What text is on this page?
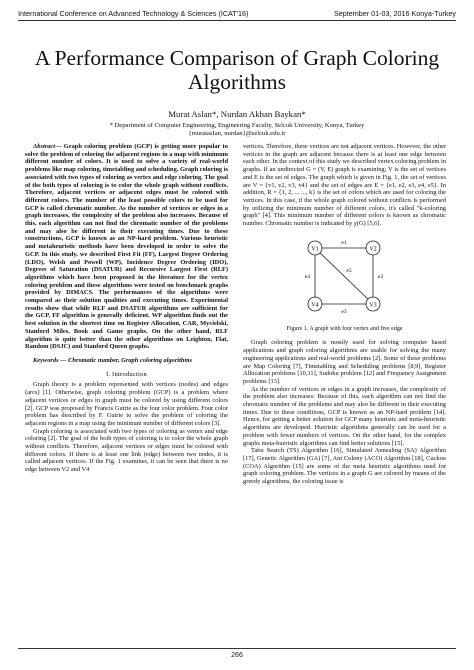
International Conference on Advanced Technology & Sciences (ICAT'16)	September 01-03, 2016 Konya-Turkey
A Performance Comparison of Graph Coloring
Algorithms
Murat Aslan*, Nurdan Akhan Baykan*
* Department of Computer Engineering, Engineering Faculty, Selcuk University, Konya, Turkey
{muratasIan, nurdan}@selcuk.edu.tr

Abstract— Graph coloring problem (GCP) is getting more popular to solve the problem of coloring the adjacent regions in a map with minimum different number of colors. It is used to solve a variety of real-world problems like map coloring, timetabling and scheduling. Graph coloring is associated with two types of coloring as vertex and edge coloring. The goal of the both types of coloring is to color the whole graph without conflicts. Therefore, adjacent vertices or adjacent edges must be colored with different colors. The number of the least possible colors to be used for GCP is called chromatic number. As the number of vertices or edges in a graph increases, the complexity of the problem also increases. Because of this, each algorithm can not find the chromatic number of the problems and may also be different in their executing times. Due to these constructions, GCP is known as an NP-hard problem. Various heuristic and metaheuristic methods have been developed in order to solve the GCP. In this study, we described First Fit (FF), Largest Degree Ordering (LDO), Welsh and Powell (WP), Incidence Degree Ordering (IDO), Degrees of Saturation (DSATUR) and Recursive Largest First (RLF) algorithms which have been proposed in the literature for the vertex coloring problem and these algorithms were tested on benchmark graphs provided by DIMACS. The performances of the algorithms were compared as their solution qualities and executing times. Experimental results show that while RLF and DSATUR algorithms are sufficient for the GCP, FF algorithm is generally deficient. WP algorithm finds out the best solution in the shortest time on Register Allocation, CAR, Mycielski, Stanford Miles, Book and Game graphs. On the other hand, RLF algorithm is quite better than the other algorithms on Leighton, Flat, Random (DSJC) and Stanford Queen graphs.

Keywords — Chromatic number, Graph coloring algorithms

I. Introduction

Graph theory is a problem represented with vertices (nodes) and edges (arcs) [1]. Otherwise, graph coloring problem (GCP) is a problem where adjacent vertices or edges in graph must be colored by using different colors [2]. GCP was proposed by Francis Gutrie as the four color problem. Four color problem has described by F. Gutrie to solve the problem of coloring the adjacent regions in a map using the minimum number of different colors [3].

Graph coloring is associated with two types of coloring as vertex and edge coloring [2]. The goal of the both types of coloring is to color the whole graph without conflicts. Therefore, adjacent vertices or edges must be colored with different colors. If there is at least one link (edge) between two nodes, it is called adjacent vertices. If the Fig. 1 examines, it can be seen that there is no edge between V2 and V4

vertices. Therefore, these vertices are not adjacent vertices. However, the other vertices in the graph are adjacent because there is at least one edge between each other. In the context of this study we described vertex coloring problem in graphs. If an undirected G = (V, E) graph is examining; V is the set of vertices and E is the set of edges. The graph which is given in Fig. 1, the set of vertices are V = {v1, v2, v3, v4} and the set of edges are E = {e1, e2, e3, e4, e5}. In addition, R = {1, 2, ... ..., k} is the set of colors which are used for coloring the vertices. In this case, if the whole graph colored without conflicts is performed by utilizing the minimum number of different colors, it's called "k-coloring graph" [4]. This minimum number of different colors is known as chromatic number. Chromatic number is indicated by χ(G) [5,6].

V1	V2
V3
V4
e1
e2
e3
e4
e5
Figure 1. A graph with four vertex and five edge

Graph coloring problem is mostly used for solving computer based applications and graph coloring algorithms are usable for solving the many engineering applications and real-world problems [2]. Some of these problems are Map Coloring [7], Timetabling and Scheduling problems [8,9], Register Allocation problems [10,11], Sudoku problem [12] and Frequency Assignment problems [13].

As the number of vertices or edges in a graph increases, the complexity of the problem also increases: Because of this, each algorithm can not find the chromatic number of the problems and may also be different in their executing times. Due to these conditions, GCP is known as an NP-hard problem [14]. Hence, for getting a better solution for GCP many heuristic and meta-heuristic algorithms are developed. Hueristic algorithms generally can be used for a problem with fewer numbers of vertices. On the other hand, for the complex graphs meta-hueristic algorithms can find better solutions [15].

Tabu Search (TS) Algorithm [16], Simulated Annealing (SA) Algorithm [17], Genetic Algorithm (GA) [7], Ant Colony (ACO) Algorithm [18], Cuckoo (COA) Algorithm [15] are some of the meta heuristic algorithms used for graph coloring problem. The vertices in a graph G are colored by means of the greedy algorithms, the coloring issue is

266
